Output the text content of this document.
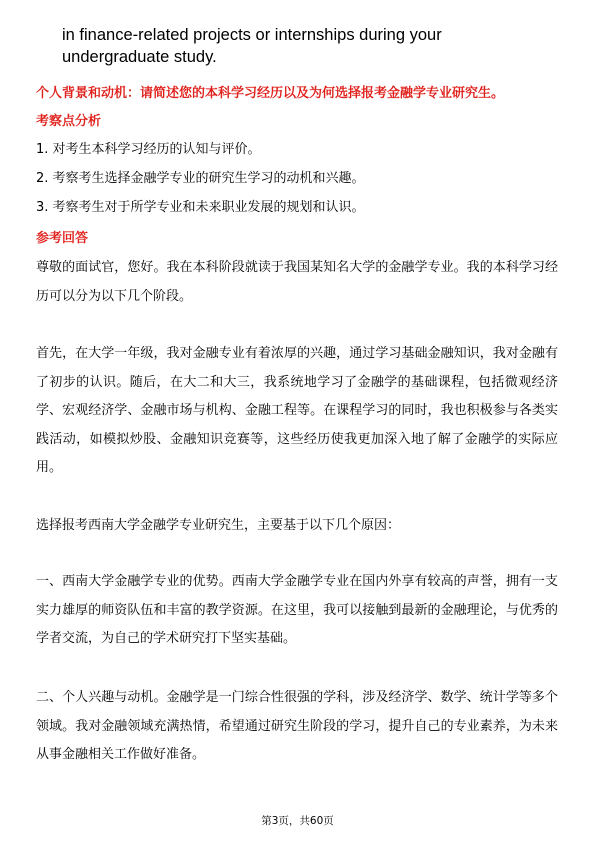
in finance-related projects or internships during your undergraduate study.

个人背景和动机：请简述您的本科学习经历以及为何选择报考金融学专业研究生。

考察点分析

1. 对考生本科学习经历的认知与评价。

2. 考察考生选择金融学专业的研究生学习的动机和兴趣。

3. 考察考生对于所学专业和未来职业发展的规划和认识。

参考回答

尊敬的面试官，您好。我在本科阶段就读于我国某知名大学的金融学专业。我的本科学习经历可以分为以下几个阶段。

首先，在大学一年级，我对金融专业有着浓厚的兴趣，通过学习基础金融知识，我对金融有了初步的认识。随后，在大二和大三，我系统地学习了金融学的基础课程，包括微观经济学、宏观经济学、金融市场与机构、金融工程等。在课程学习的同时，我也积极参与各类实践活动，如模拟炒股、金融知识竞赛等，这些经历使我更加深入地了解了金融学的实际应用。

选择报考西南大学金融学专业研究生，主要基于以下几个原因：

一、西南大学金融学专业的优势。西南大学金融学专业在国内外享有较高的声誉，拥有一支实力雄厚的师资队伍和丰富的教学资源。在这里，我可以接触到最新的金融理论，与优秀的学者交流，为自己的学术研究打下坚实基础。

二、个人兴趣与动机。金融学是一门综合性很强的学科，涉及经济学、数学、统计学等多个领域。我对金融领域充满热情，希望通过研究生阶段的学习，提升自己的专业素养，为未来从事金融相关工作做好准备。

第3页，共60页
